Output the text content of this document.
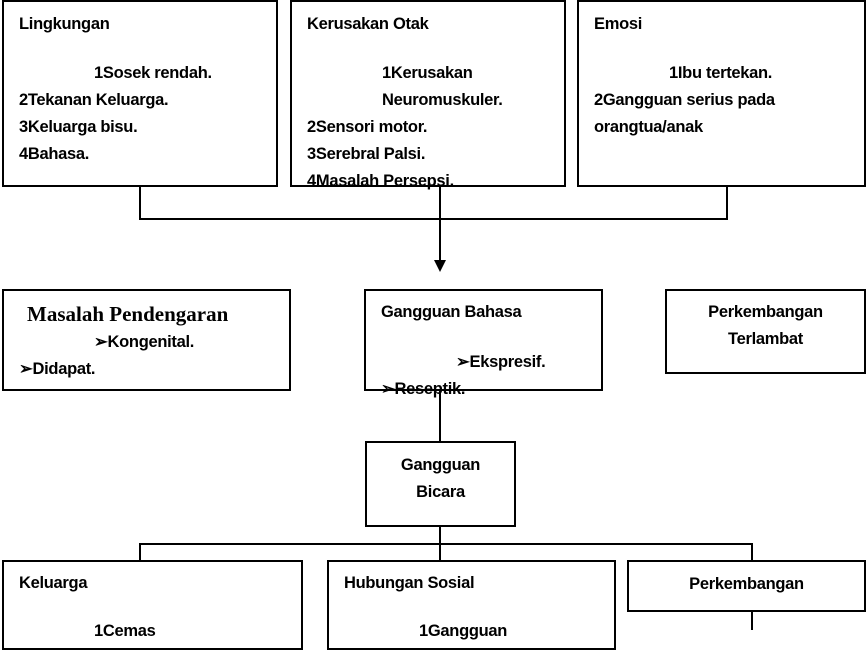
Lingkungan
1Sosek rendah.
2Tekanan Keluarga.
3Keluarga bisu.
4Bahasa.
Kerusakan Otak
1Kerusakan
Neuromuskuler.
2Sensori motor.
3Serebral Palsi.
4Masalah Persepsi.
Emosi
1Ibu tertekan.
2Gangguan serius pada
orangtua/anak
Masalah Pendengaran
➢Kongenital.
➢Didapat.
Gangguan Bahasa
➢Ekspresif.
➢Reseptik.
Perkembangan
Terlambat
Gangguan
Bicara
Keluarga
1Cemas
Hubungan Sosial
1Gangguan
Perkembangan
